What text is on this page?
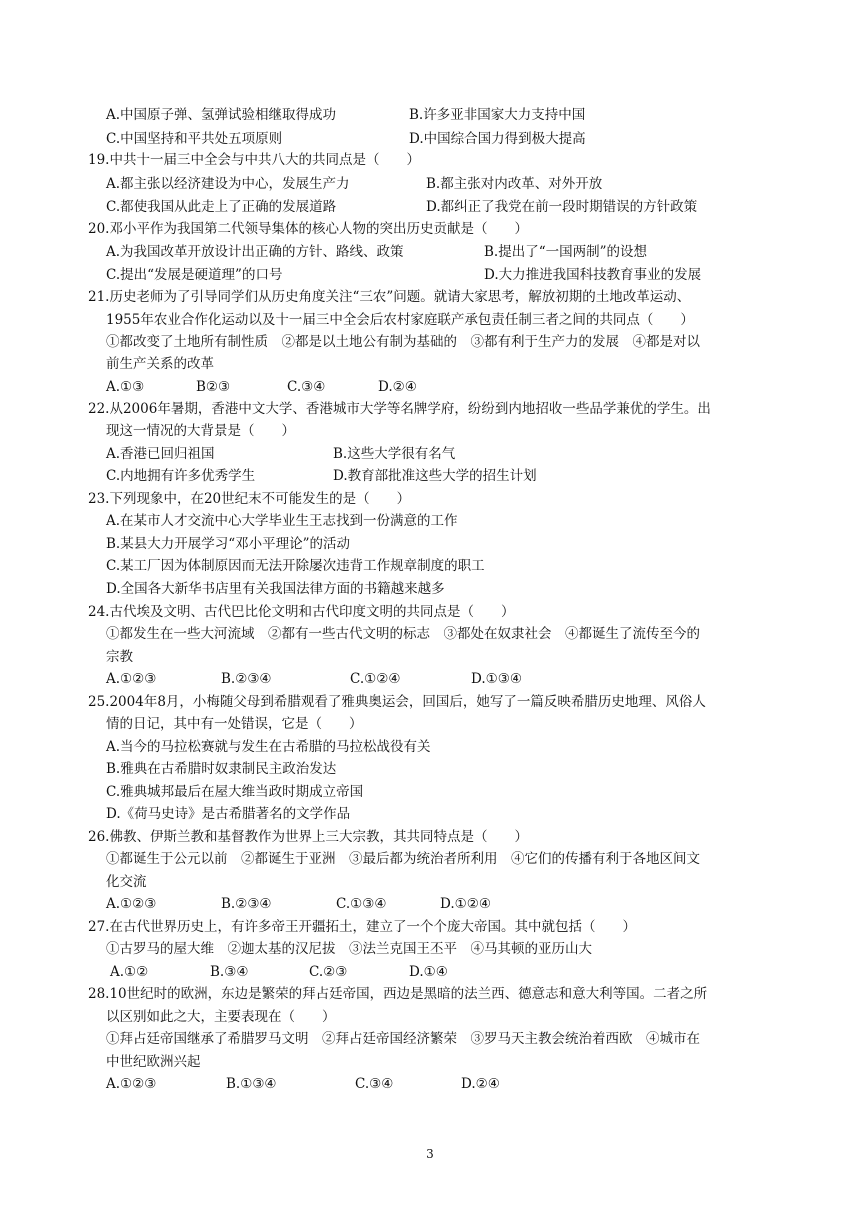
A.中国原子弹、氢弹试验相继取得成功	B.许多亚非国家大力支持中国
C.中国坚持和平共处五项原则	D.中国综合国力得到极大提高
19.中共十一届三中全会与中共八大的共同点是（　　）
A.都主张以经济建设为中心，发展生产力	B.都主张对内改革、对外开放
C.都使我国从此走上了正确的发展道路	D.都纠正了我党在前一段时期错误的方针政策
20.邓小平作为我国第二代领导集体的核心人物的突出历史贡献是（　　）
A.为我国改革开放设计出正确的方针、路线、政策	B.提出了“一国两制”的设想
C.提出“发展是硬道理”的口号	D.大力推进我国科技教育事业的发展
21.历史老师为了引导同学们从历史角度关注“三农”问题。就请大家思考，解放初期的土地改革运动、
1955年农业合作化运动以及十一届三中全会后农村家庭联产承包责任制三者之间的共同点（　　）
①都改变了土地所有制性质　②都是以土地公有制为基础的　③都有利于生产力的发展　④都是对以
前生产关系的改革
A.①③	B②③	C.③④	D.②④
22.从2006年暑期，香港中文大学、香港城市大学等名牌学府，纷纷到内地招收一些品学兼优的学生。出
现这一情况的大背景是（　　）
A.香港已回归祖国	B.这些大学很有名气
C.内地拥有许多优秀学生	D.教育部批准这些大学的招生计划
23.下列现象中，在20世纪末不可能发生的是（　　）
A.在某市人才交流中心大学毕业生王志找到一份满意的工作
B.某县大力开展学习“邓小平理论”的活动
C.某工厂因为体制原因而无法开除屡次违背工作规章制度的职工
D.全国各大新华书店里有关我国法律方面的书籍越来越多
24.古代埃及文明、古代巴比伦文明和古代印度文明的共同点是（　　）
①都发生在一些大河流域　②都有一些古代文明的标志　③都处在奴隶社会　④都诞生了流传至今的
宗教
A.①②③	B.②③④	C.①②④	D.①③④
25.2004年8月，小梅随父母到希腊观看了雅典奥运会，回国后，她写了一篇反映希腊历史地理、风俗人
情的日记，其中有一处错误，它是（　　）
A.当今的马拉松赛就与发生在古希腊的马拉松战役有关
B.雅典在古希腊时奴隶制民主政治发达
C.雅典城邦最后在屋大维当政时期成立帝国
D.《荷马史诗》是古希腊著名的文学作品
26.佛教、伊斯兰教和基督教作为世界上三大宗教，其共同特点是（　　）
①都诞生于公元以前　②都诞生于亚洲　③最后都为统治者所利用　④它们的传播有利于各地区间文
化交流
A.①②③	B.②③④	C.①③④	D.①②④
27.在古代世界历史上，有许多帝王开疆拓土，建立了一个个庞大帝国。其中就包括（　　）
①古罗马的屋大维　②迦太基的汉尼拔　③法兰克国王丕平　④马其顿的亚历山大
A.①②	B.③④	C.②③	D.①④
28.10世纪时的欧洲，东边是繁荣的拜占廷帝国，西边是黑暗的法兰西、德意志和意大利等国。二者之所
以区别如此之大，主要表现在（　　）
①拜占廷帝国继承了希腊罗马文明　②拜占廷帝国经济繁荣　③罗马天主教会统治着西欧　④城市在
中世纪欧洲兴起
A.①②③	B.①③④	C.③④	D.②④
3
